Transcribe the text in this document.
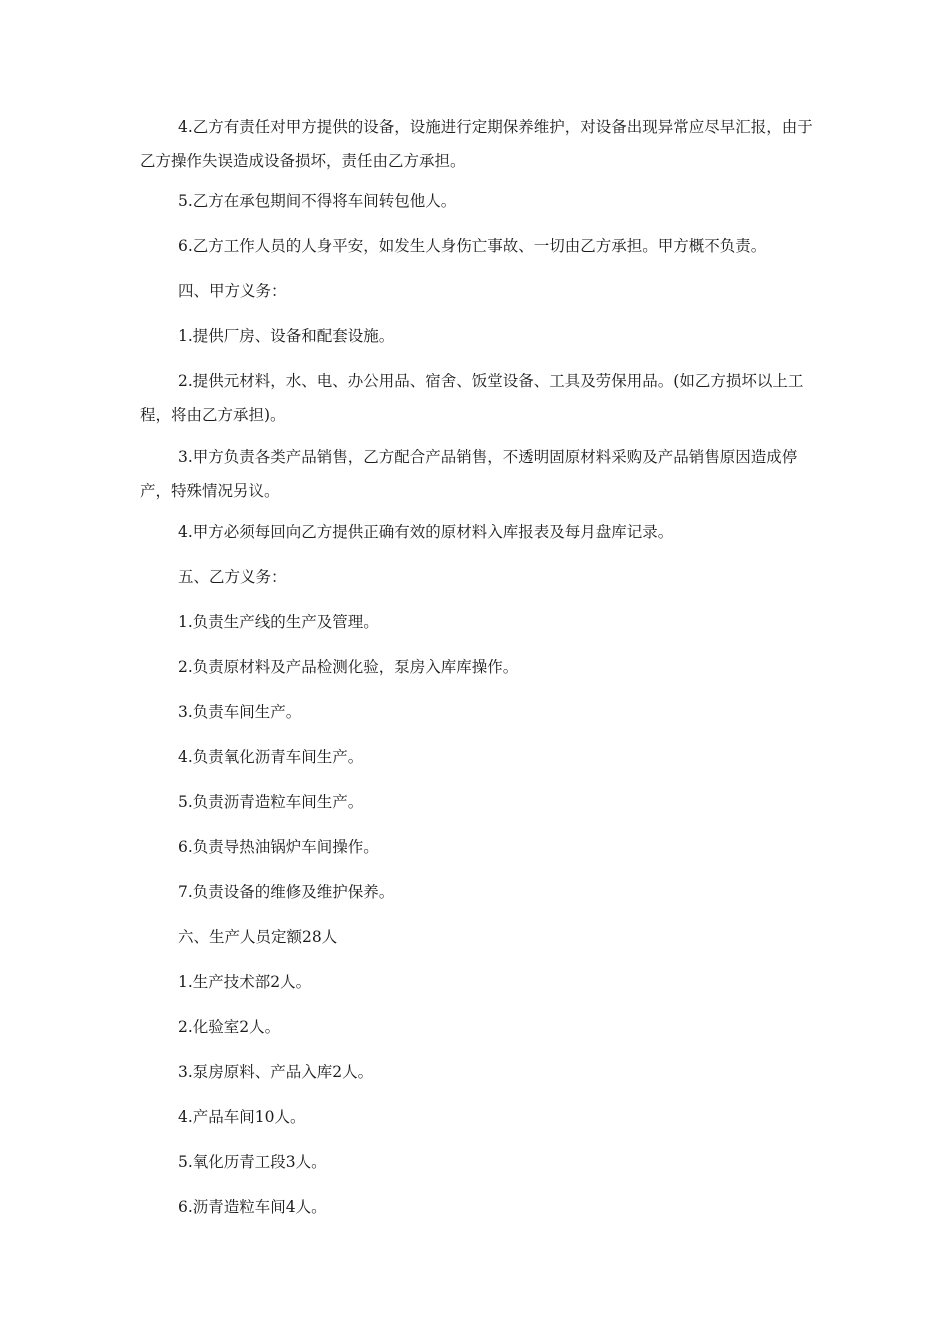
4.乙方有责任对甲方提供的设备，设施进行定期保养维护，对设备出现异常应尽早汇报，由于乙方操作失误造成设备损坏，责任由乙方承担。

5.乙方在承包期间不得将车间转包他人。

6.乙方工作人员的人身平安，如发生人身伤亡事故、一切由乙方承担。甲方概不负责。

四、甲方义务：

1.提供厂房、设备和配套设施。

2.提供元材料，水、电、办公用品、宿舍、饭堂设备、工具及劳保用品。(如乙方损坏以上工程，将由乙方承担)。

3.甲方负责各类产品销售，乙方配合产品销售，不透明固原材料采购及产品销售原因造成停产，特殊情况另议。

4.甲方必须每回向乙方提供正确有效的原材料入库报表及每月盘库记录。

五、乙方义务：

1.负责生产线的生产及管理。

2.负责原材料及产品检测化验，泵房入库库操作。

3.负责车间生产。

4.负责氧化沥青车间生产。

5.负责沥青造粒车间生产。

6.负责导热油锅炉车间操作。

7.负责设备的维修及维护保养。

六、生产人员定额28人

1.生产技术部2人。

2.化验室2人。

3.泵房原料、产品入库2人。

4.产品车间10人。

5.氧化历青工段3人。

6.沥青造粒车间4人。
